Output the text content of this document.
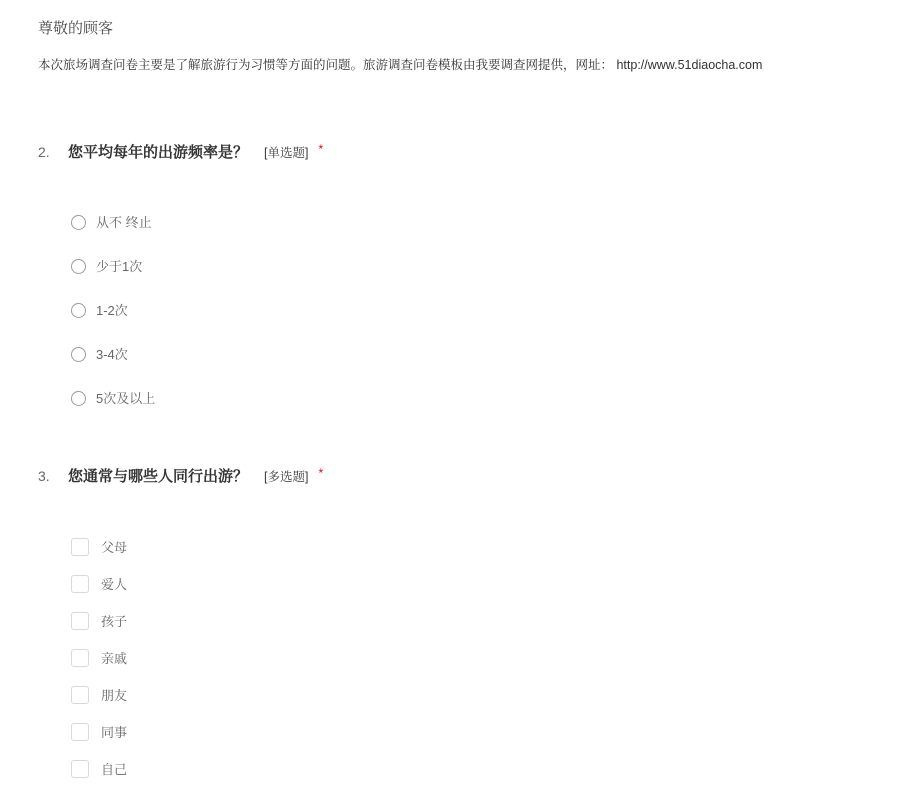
尊敬的顾客
本次旅场调查问卷主要是了解旅游行为习惯等方面的问题。旅游调查问卷模板由我要调查网提供，网址： http://www.51diaocha.com
2. 您平均每年的出游频率是？ [单选题] *
从不 终止
少于1次
1-2次
3-4次
5次及以上
3. 您通常与哪些人同行出游？ [多选题] *
父母
爱人
孩子
亲戚
朋友
同事
自己
